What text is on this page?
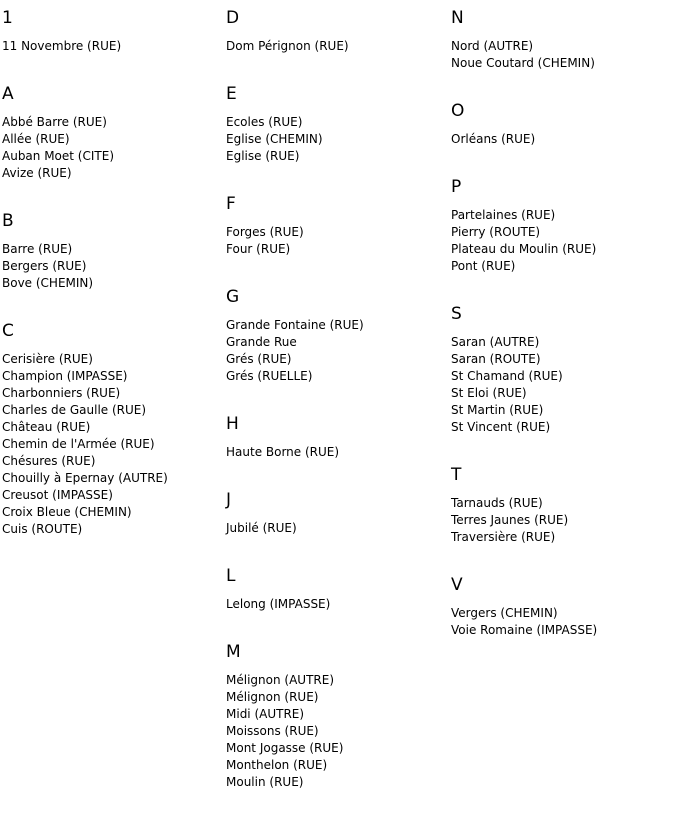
1
11 Novembre (RUE)
A
Abbé Barre (RUE)
Allée (RUE)
Auban Moet (CITE)
Avize (RUE)
B
Barre (RUE)
Bergers (RUE)
Bove (CHEMIN)
C
Cerisière (RUE)
Champion (IMPASSE)
Charbonniers (RUE)
Charles de Gaulle (RUE)
Château (RUE)
Chemin de l'Armée (RUE)
Chésures (RUE)
Chouilly à Epernay (AUTRE)
Creusot (IMPASSE)
Croix Bleue (CHEMIN)
Cuis (ROUTE)
D
Dom Pérignon (RUE)
E
Ecoles (RUE)
Eglise (CHEMIN)
Eglise (RUE)
F
Forges (RUE)
Four (RUE)
G
Grande Fontaine (RUE)
Grande Rue
Grés (RUE)
Grés (RUELLE)
H
Haute Borne (RUE)
J
Jubilé (RUE)
L
Lelong (IMPASSE)
M
Mélignon (AUTRE)
Mélignon (RUE)
Midi (AUTRE)
Moissons (RUE)
Mont Jogasse (RUE)
Monthelon (RUE)
Moulin (RUE)
N
Nord (AUTRE)
Noue Coutard (CHEMIN)
O
Orléans (RUE)
P
Partelaines (RUE)
Pierry (ROUTE)
Plateau du Moulin (RUE)
Pont (RUE)
S
Saran (AUTRE)
Saran (ROUTE)
St Chamand (RUE)
St Eloi (RUE)
St Martin (RUE)
St Vincent (RUE)
T
Tarnauds (RUE)
Terres Jaunes (RUE)
Traversière (RUE)
V
Vergers (CHEMIN)
Voie Romaine (IMPASSE)
